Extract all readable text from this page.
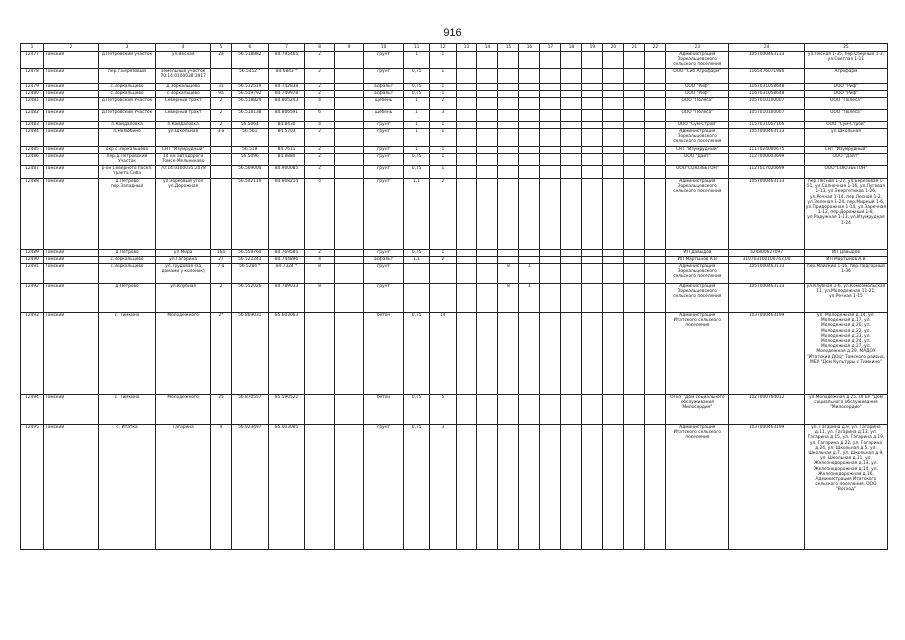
916
1	2	3	4	5	6	7	8	9	10	11	12	13	14	15	16	17	18	19	20	21	22	23	24	25
12477	Томский	д.Петровский участок	ул.Весная	2а	56.518882	84.795465	2		грунт	1	1											Администрация Зоркальцевского сельского поселения	1057000463133	ул.Лесная 1-35, пер.Озерный 1-3, ул.Светлая 1-11
12478	Томский	пер.г.Березовый	земельный участок 70:14:0100038:3917		56.5452 *	84.6843 *	2		грунт	0,75	1											ООО "Сиб Агрофарм"	1165476071980	Агрофарм
12479	Томский	с.Зоркальцево	д.Зоркальцево	31	56.532519	84.742838	2		асфальт	0,75	1											ООО "Риф"	1167031058648	ООО "Риф"
12480	Томский	с.Зоркальцево	с.Зоркальцево	9а	56.519792	84.749978	2		асфальт	0,75	1											ООО "Риф"	1167031058648	ООО "Риф"
12481	Томский	д.Петровский Участок	Северный тракт	2	56.518824	84.805243	4		щебень	1	2											ООО "Полеса"	1057010100007	ООО "Полеса"
12482	Томский	д.Петровский Участок	Северный тракт	2	56.518138	84.806591	6		щебень	1	3											ООО "Полеса"	1057010100007	ООО "Полеса"
12483	Томский	п.Кайдаловка	п.Кайдаловка	2	56.5064	84.8430	4		грунт	1	1											ООО "Сум-Строй"	1157031057166	ООО "Сум-Строй"
12484	Томский	п.Нелюбино	ул.Школьная	3-а	56.561	84.5703	2		грунт	1	1											Администрация Зоркальцевского сельского поселения	1057000463133	ул.Школьная
12485	Томский	окр.с.Зоркальцево	СНТ "Изумрудный"		56.518	84.7611	2		грунт	1	1											СНТ "Изумрудный"	1117024000675	СНТ "Изумрудный"
12486	Томский	пер.д.Петровский Участок	14 км автодороги Томск-Мельниково		56.5096	84.8880	2		грунт	0,75	1											ООО "Дайт"	1127000003699	ООО "Дайт"
12487	Томский	р-он Северного посел. тракта Сиба	70:14:0100035:2078		56.569004	84.900085	2		грунт	0,75	1											ООО"СОЮЗБЕТОН"	1127017020699	ООО"СОЮЗБЕТОН"
12488	Томский	д.Петрово пер.Западный	ул.Зорковый угол ул.Дорожная		56.542119	84.808214	4		грунт	1,1	2											Администрация Зоркальцевского сельского поселения	1057000463133	пер.Лесной 1-27, ул.Березовая 1-51, ул.Солнечная 1-16, ул.Луговая 1-13, ул.Энергетиков 1-26, ул.Речная 1-14, пер.Лесной 1-2, ул.Зеленая 1-24, пер.Мирный 1-6, ул.Придорожная 1-14, ул.Заречная 1-12, пер.Дорожный 1-8, ул.Радужная 1-13, ул.Изумрудная 1-24
12489	Томский	д.Петрово	ул.Мира	16а	56.559760	84.769585	2		грунт	0,75	1											ИП Давыдов	424800627097	ИП Давыдов
12490	Томский	с.Зоркальцево	ул.Гагарина	27	56.522243	84.744896	4		асфальт	1,1	2											ИП Мартынов А.В	310703100100743,00	ИП Мартынов А.В
12491	Томский	с.Зоркальцево	ул.Трудовая (за домами у колонок)	7-а	56.5284 *	84.7324 *	8		грунт					8	1							Администрация Зоркальцевского сельского поселения	1057000463133	пер.Майский 1-16, пер.Подгорный 1-36
12492	Томский	д.Петрово	ул.Клубная	2	56.552026	84.789033	8		грунт					8	1							Администрация Зоркальцевского сельского поселения	1057000463133	ул.Клубная 1-6, ул.Комсомольская 11, ул.Молодежная 11-21, ул.Речная 1-15
12493	Томский	с. Тимкино	Молодежного	2*	56.869031	85.603063			бетон	0,75	14											Администрация Итатского сельского поселения	1037000463199	ул. Молодежная д.14, ул. Молодежная д.17, ул. Молодежная д.20, ул. Молодежная д.22, ул. Молодежная д.23, ул. Молодежная д.24, ул. Молодежная д.27, ул. Молодежная д.29, МАДОУ "Итатский ДОЦ" Томского района, МБУ "Дом Культуры с Тимкино"
12494	Томский	с. Тимкино	Молодежного	25	56.870557	85.590522			бетон	0,75	5											ОГБУ "Дом социального обслуживания Милосердие"	1027000764012	ул.Молодежная д.25, ОГБУ "Дом социального обслуживания "Милосердие"
12495	Томский	с. Итатка	Гагарина	4	56.923497	85.003085			грунт	0,75	3											Администрация Итатского сельского поселения	1037000463199	ул. Гагарина д.9, ул. Гагарина д.11, ул. Гагарина д.13, ул. Гагарина д.15, ул. Гагарина д.19, ул. Гагарина д.22, ул. Гагарина д.24, ул. Школьная д.5, ул. Школьная д.7, ул. Школьная д.9, ул. Школьная д.11, ул. Железнодорожная д.13, ул. Железнодорожная д.14, ул. Железнодорожная д.16, Администрация Итатского сельского поселения, ООО "Восход"
